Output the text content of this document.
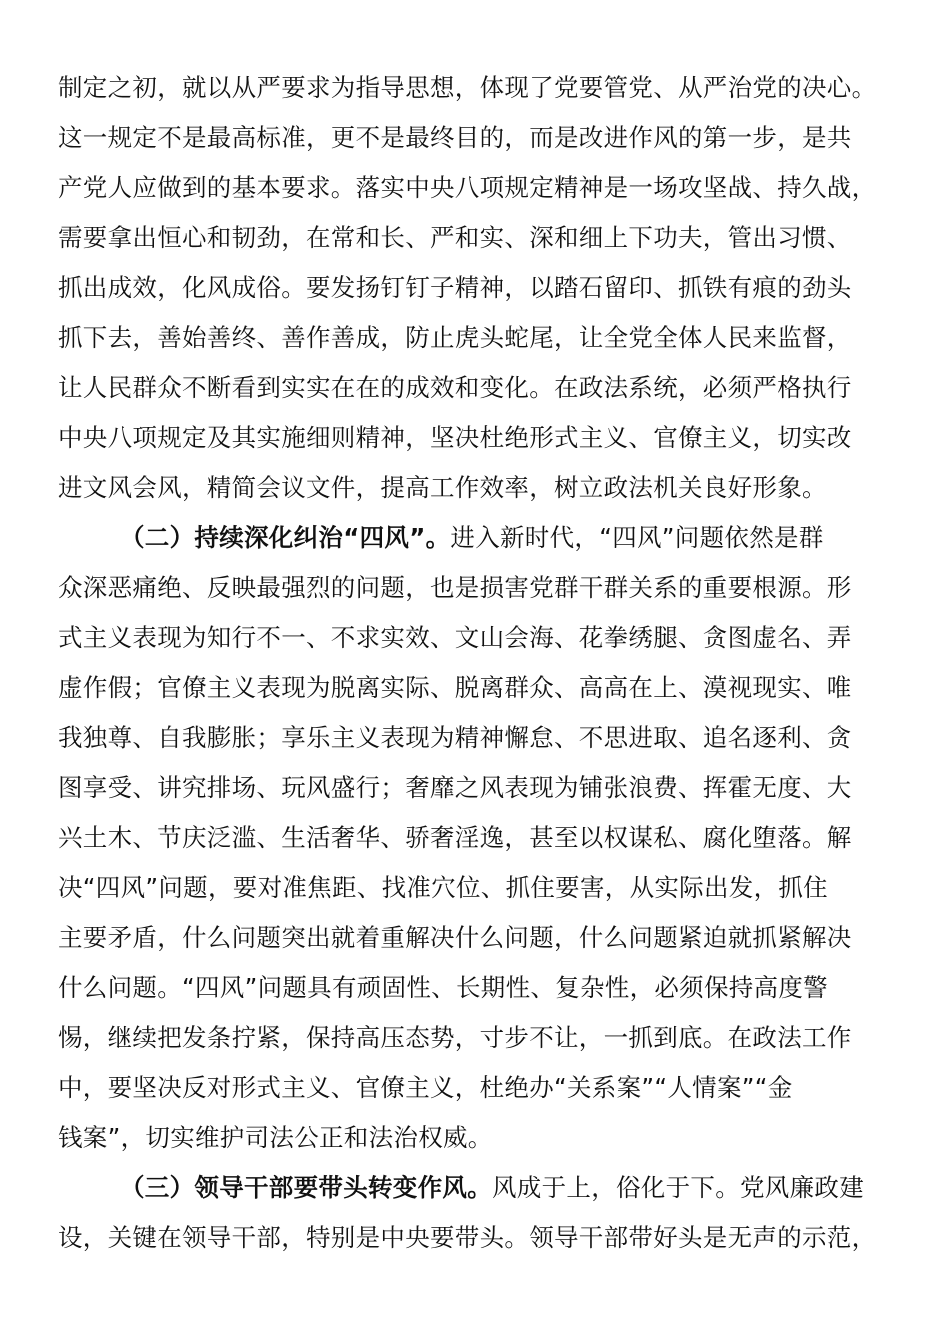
制定之初，就以从严要求为指导思想，体现了党要管党、从严治党的决心。
这一规定不是最高标准，更不是最终目的，而是改进作风的第一步，是共
产党人应做到的基本要求。落实中央八项规定精神是一场攻坚战、持久战，
需要拿出恒心和韧劲，在常和长、严和实、深和细上下功夫，管出习惯、
抓出成效，化风成俗。要发扬钉钉子精神，以踏石留印、抓铁有痕的劲头
抓下去，善始善终、善作善成，防止虎头蛇尾，让全党全体人民来监督，
让人民群众不断看到实实在在的成效和变化。在政法系统，必须严格执行
中央八项规定及其实施细则精神，坚决杜绝形式主义、官僚主义，切实改
进文风会风，精简会议文件，提高工作效率，树立政法机关良好形象。
（二）持续深化纠治“四风”。进入新时代，“四风”问题依然是群
众深恶痛绝、反映最强烈的问题，也是损害党群干群关系的重要根源。形
式主义表现为知行不一、不求实效、文山会海、花拳绣腿、贪图虚名、弄
虚作假；官僚主义表现为脱离实际、脱离群众、高高在上、漠视现实、唯
我独尊、自我膨胀；享乐主义表现为精神懈怠、不思进取、追名逐利、贪
图享受、讲究排场、玩风盛行；奢靡之风表现为铺张浪费、挥霍无度、大
兴土木、节庆泛滥、生活奢华、骄奢淫逸，甚至以权谋私、腐化堕落。解
决“四风”问题，要对准焦距、找准穴位、抓住要害，从实际出发，抓住
主要矛盾，什么问题突出就着重解决什么问题，什么问题紧迫就抓紧解决
什么问题。“四风”问题具有顽固性、长期性、复杂性，必须保持高度警
惕，继续把发条拧紧，保持高压态势，寸步不让，一抓到底。在政法工作
中，要坚决反对形式主义、官僚主义，杜绝办“关系案”“人情案”“金
钱案”，切实维护司法公正和法治权威。
（三）领导干部要带头转变作风。风成于上，俗化于下。党风廉政建
设，关键在领导干部，特别是中央要带头。领导干部带好头是无声的示范，
